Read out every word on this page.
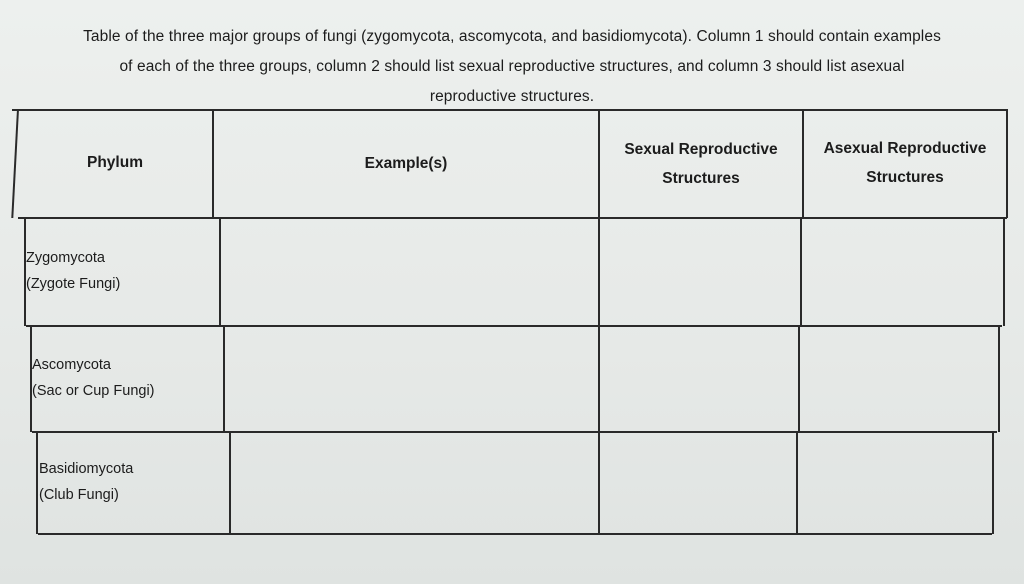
Table of the three major groups of fungi (zygomycota, ascomycota, and basidiomycota). Column 1 should contain examples
of each of the three groups, column 2 should list sexual reproductive structures, and column 3 should list asexual
reproductive structures.
Phylum	Example(s)
Sexual Reproductive
Structures
Asexual Reproductive
Structures
Zygomycota
(Zygote Fungi)
Ascomycota
(Sac or Cup Fungi)
Basidiomycota
(Club Fungi)
